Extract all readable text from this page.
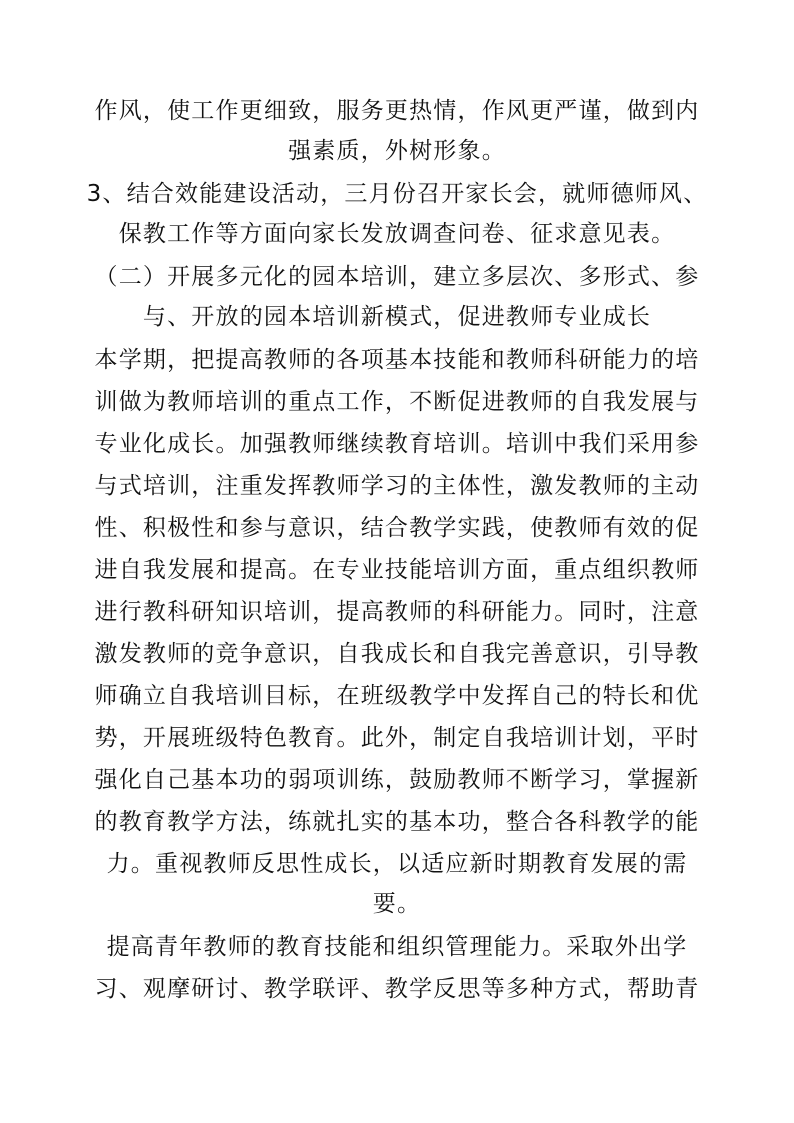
作风，使工作更细致，服务更热情，作风更严谨，做到内
强素质，外树形象。
3、结合效能建设活动，三月份召开家长会，就师德师风、
保教工作等方面向家长发放调查问卷、征求意见表。
（二）开展多元化的园本培训，建立多层次、多形式、参
与、开放的园本培训新模式，促进教师专业成长
本学期，把提高教师的各项基本技能和教师科研能力的培
训做为教师培训的重点工作，不断促进教师的自我发展与
专业化成长。加强教师继续教育培训。培训中我们采用参
与式培训，注重发挥教师学习的主体性，激发教师的主动
性、积极性和参与意识，结合教学实践，使教师有效的促
进自我发展和提高。在专业技能培训方面，重点组织教师
进行教科研知识培训，提高教师的科研能力。同时，注意
激发教师的竞争意识，自我成长和自我完善意识，引导教
师确立自我培训目标，在班级教学中发挥自己的特长和优
势，开展班级特色教育。此外，制定自我培训计划，平时
强化自己基本功的弱项训练，鼓励教师不断学习，掌握新
的教育教学方法，练就扎实的基本功，整合各科教学的能
力。重视教师反思性成长，以适应新时期教育发展的需
要。
提高青年教师的教育技能和组织管理能力。采取外出学
习、观摩研讨、教学联评、教学反思等多种方式，帮助青
